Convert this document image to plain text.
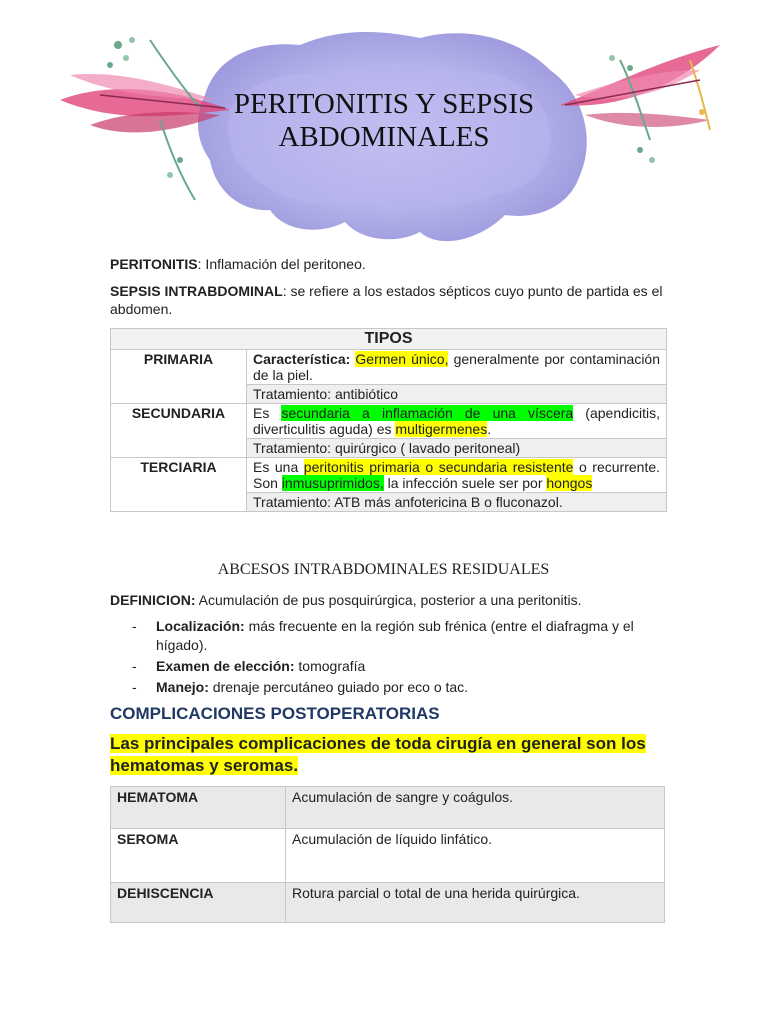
PERITONITIS Y SEPSIS
ABDOMINALES
PERITONITIS: Inflamación del peritoneo.
SEPSIS INTRABDOMINAL: se refiere a los estados sépticos cuyo punto de partida es el abdomen.
TIPOS	
PRIMARIA	Característica: Germen único, generalmente por contaminación de la piel.
	Tratamiento: antibiótico
SECUNDARIA	Es secundaria a inflamación de una víscera (apendicitis, diverticulitis aguda) es multigermenes.
	Tratamiento: quirúrgico ( lavado peritoneal)
TERCIARIA	Es una peritonitis primaria o secundaria resistente o recurrente. Son inmusuprimidos, la infección suele ser por hongos
	Tratamiento: ATB más anfotericina B o fluconazol.
ABCESOS INTRABDOMINALES RESIDUALES
DEFINICION: Acumulación de pus posquirúrgica, posterior a una peritonitis.
- Localización: más frecuente en la región sub frénica (entre el diafragma y el hígado).
- Examen de elección: tomografía
- Manejo: drenaje percutáneo guiado por eco o tac.
COMPLICACIONES POSTOPERATORIAS
Las principales complicaciones de toda cirugía en general son los hematomas y seromas.
HEMATOMA	Acumulación de sangre y coágulos.
SEROMA	Acumulación de líquido linfático.
DEHISCENCIA	Rotura parcial o total de una herida quirúrgica.
